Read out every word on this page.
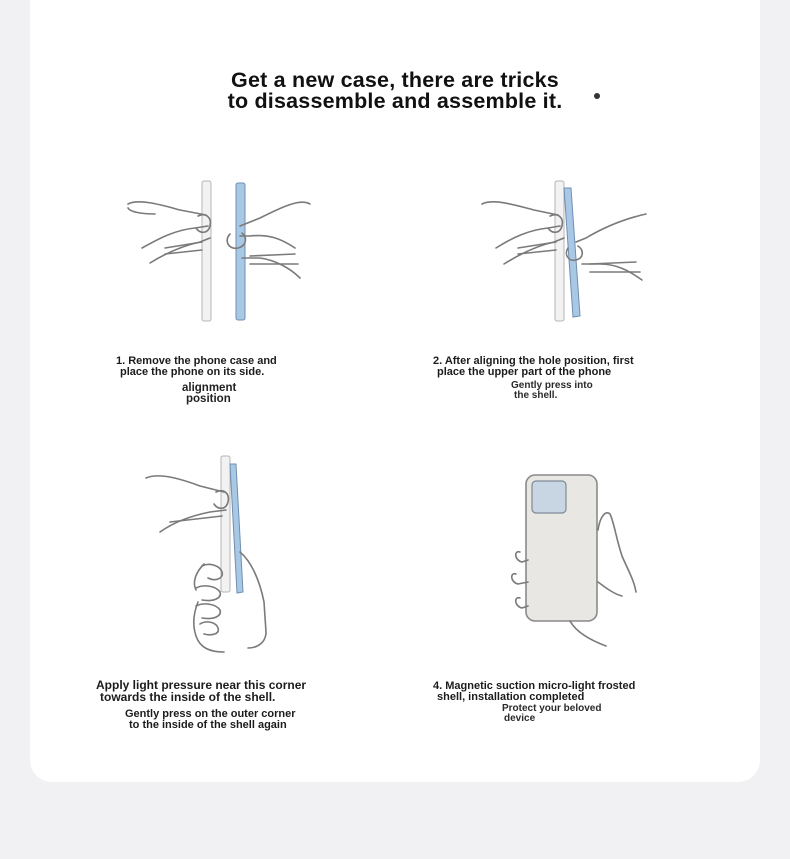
Get a new case, there are tricks
to disassemble and assemble it.
1. Remove the phone case and
place the phone on its side.
alignment
position
2. After aligning the hole position, first
place the upper part of the phone
Gently press into
the shell.
Apply light pressure near this corner
towards the inside of the shell.
Gently press on the outer corner
to the inside of the shell again
4. Magnetic suction micro-light frosted
shell, installation completed
Protect your beloved
device
